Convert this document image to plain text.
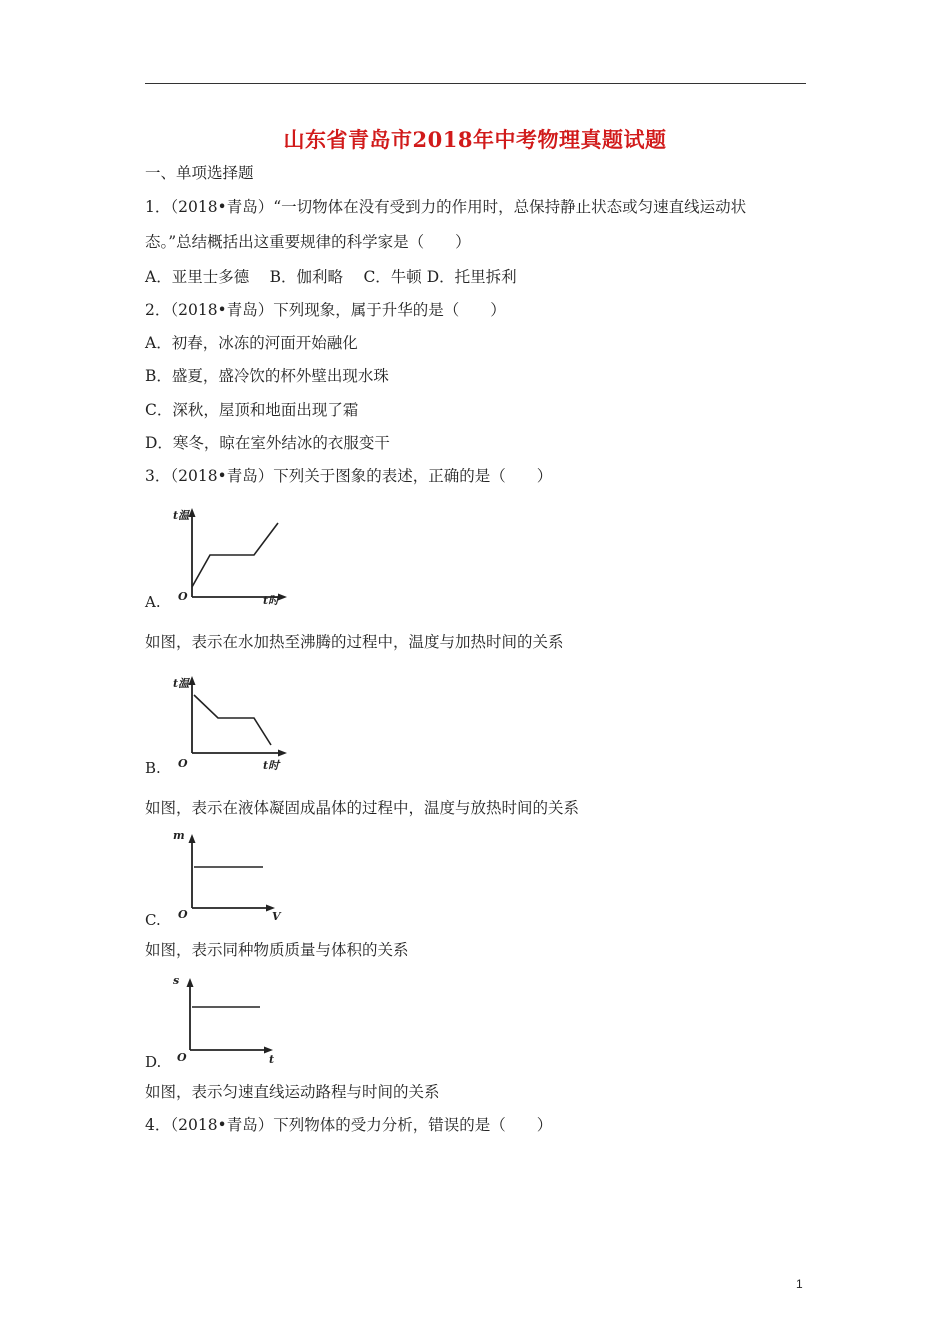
山东省青岛市2018年中考物理真题试题
一、单项选择题
1．（2018•青岛）“一切物体在没有受到力的作用时，总保持静止状态或匀速直线运动状
态。”总结概括出这重要规律的科学家是（　　）
A．亚里士多德　 B．伽利略　 C．牛顿 D．托里拆利
2．（2018•青岛）下列现象，属于升华的是（　　）
A．初春，冰冻的河面开始融化
B．盛夏，盛冷饮的杯外壁出现水珠
C．深秋，屋顶和地面出现了霜
D．寒冬，晾在室外结冰的衣服变干
3．（2018•青岛）下列关于图象的表述，正确的是（　　）
t温
O	t时
A.
如图，表示在水加热至沸腾的过程中，温度与加热时间的关系
t温
O	t时
B.
如图，表示在液体凝固成晶体的过程中，温度与放热时间的关系
m
O	V
C.
如图，表示同种物质质量与体积的关系
s
O	t
D.
如图，表示匀速直线运动路程与时间的关系
4．（2018•青岛）下列物体的受力分析，错误的是（　　）
1
